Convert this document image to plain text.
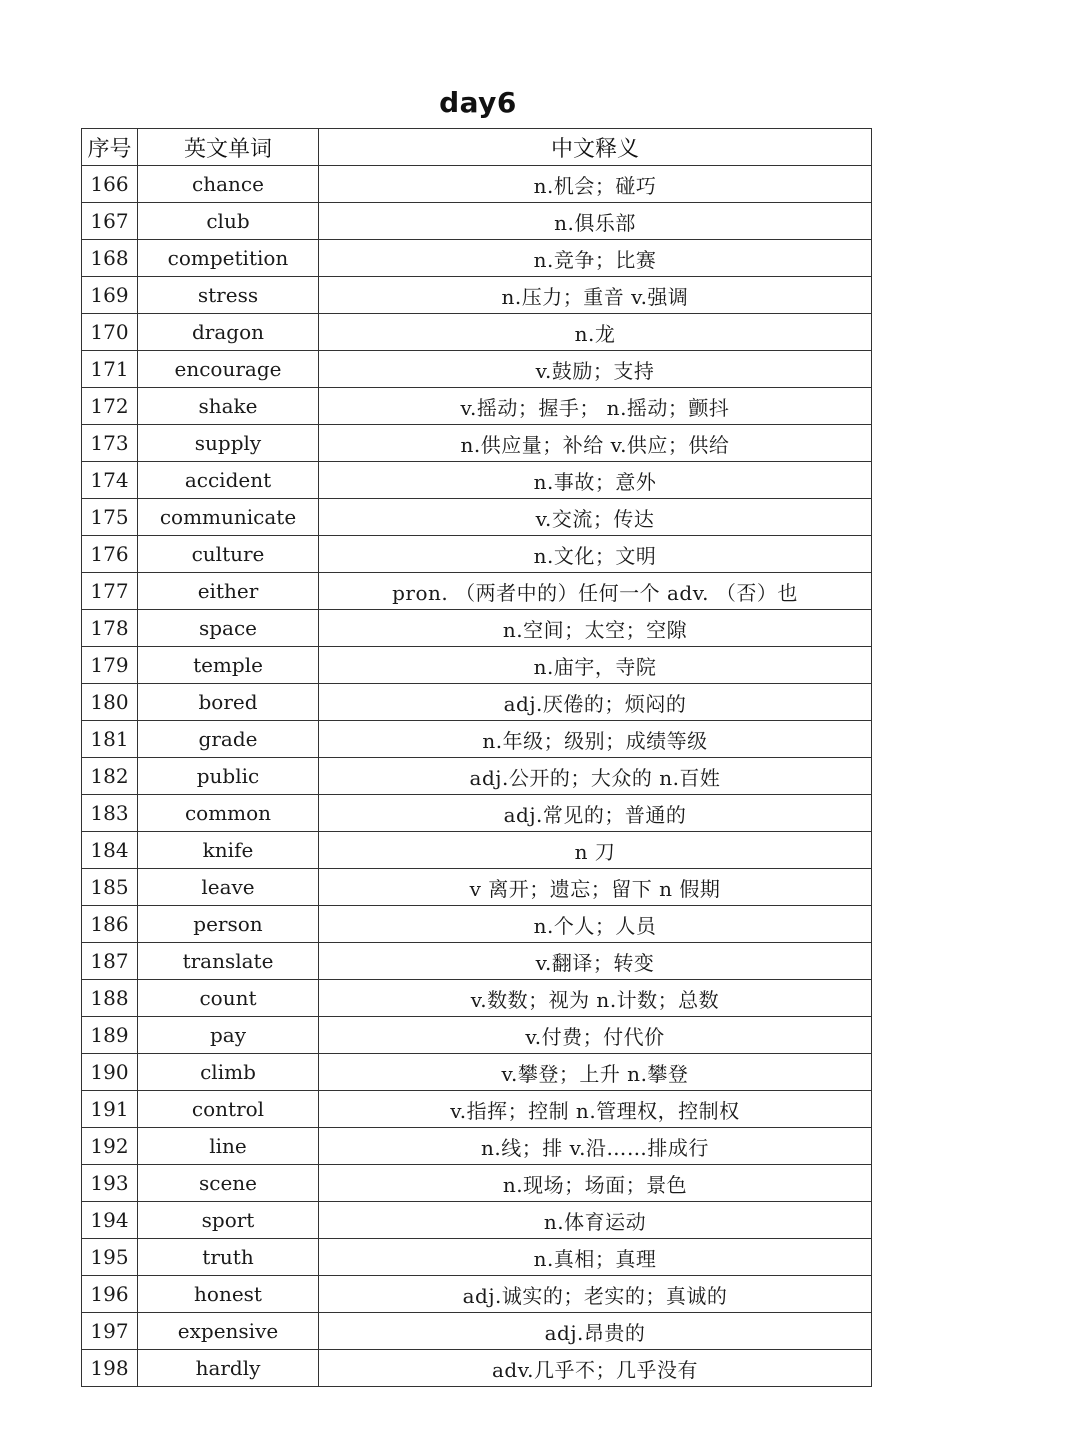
day6
序号	英文单词	中文释义
166	chance	n.机会；碰巧
167	club	n.俱乐部
168	competition	n.竞争；比赛
169	stress	n.压力；重音 v.强调
170	dragon	n.龙
171	encourage	v.鼓励；支持
172	shake	v.摇动；握手； n.摇动；颤抖
173	supply	n.供应量；补给 v.供应；供给
174	accident	n.事故；意外
175	communicate	v.交流；传达
176	culture	n.文化；文明
177	either	pron. （两者中的）任何一个 adv. （否）也
178	space	n.空间；太空；空隙
179	temple	n.庙宇，寺院
180	bored	adj.厌倦的；烦闷的
181	grade	n.年级；级别；成绩等级
182	public	adj.公开的；大众的 n.百姓
183	common	adj.常见的；普通的
184	knife	n 刀
185	leave	v 离开；遗忘；留下 n 假期
186	person	n.个人；人员
187	translate	v.翻译；转变
188	count	v.数数；视为 n.计数；总数
189	pay	v.付费；付代价
190	climb	v.攀登；上升 n.攀登
191	control	v.指挥；控制 n.管理权，控制权
192	line	n.线；排 v.沿……排成行
193	scene	n.现场；场面；景色
194	sport	n.体育运动
195	truth	n.真相；真理
196	honest	adj.诚实的；老实的；真诚的
197	expensive	adj.昂贵的
198	hardly	adv.几乎不；几乎没有
